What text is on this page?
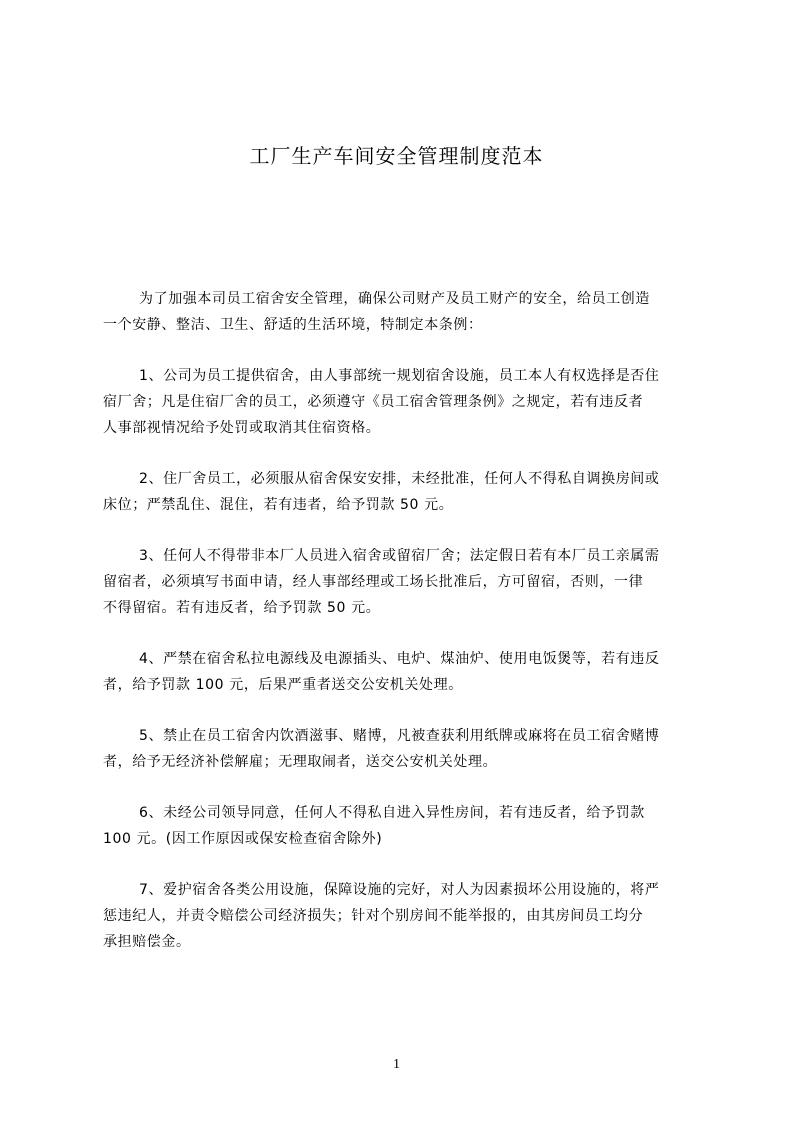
工厂生产车间安全管理制度范本
为了加强本司员工宿舍安全管理，确保公司财产及员工财产的安全，给员工创造
一个安静、整洁、卫生、舒适的生活环境，特制定本条例：
1、公司为员工提供宿舍，由人事部统一规划宿舍设施，员工本人有权选择是否住
宿厂舍；凡是住宿厂舍的员工，必须遵守《员工宿舍管理条例》之规定，若有违反者
人事部视情况给予处罚或取消其住宿资格。
2、住厂舍员工，必须服从宿舍保安安排，未经批准，任何人不得私自调换房间或
床位；严禁乱住、混住，若有违者，给予罚款 50 元。
3、任何人不得带非本厂人员进入宿舍或留宿厂舍；法定假日若有本厂员工亲属需
留宿者，必须填写书面申请，经人事部经理或工场长批准后，方可留宿，否则，一律
不得留宿。若有违反者，给予罚款 50 元。
4、严禁在宿舍私拉电源线及电源插头、电炉、煤油炉、使用电饭煲等，若有违反
者，给予罚款 100 元，后果严重者送交公安机关处理。
5、禁止在员工宿舍内饮酒滋事、赌博，凡被查获利用纸牌或麻将在员工宿舍赌博
者，给予无经济补偿解雇；无理取闹者，送交公安机关处理。
6、未经公司领导同意，任何人不得私自进入异性房间，若有违反者，给予罚款
100 元。(因工作原因或保安检查宿舍除外)
7、爱护宿舍各类公用设施，保障设施的完好，对人为因素损坏公用设施的，将严
惩违纪人，并责令赔偿公司经济损失；针对个别房间不能举报的，由其房间员工均分
承担赔偿金。
1
